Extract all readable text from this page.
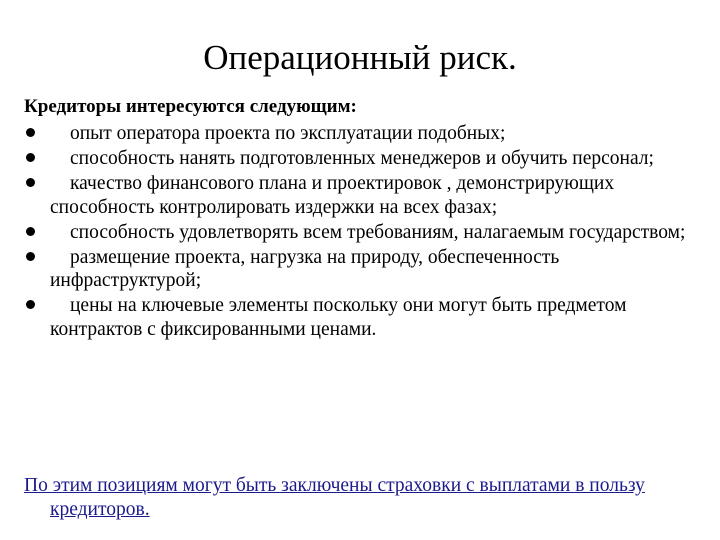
Операционный риск.

Кредиторы интересуются следующим:

опыт оператора проекта по эксплуатации подобных;
способность нанять подготовленных менеджеров и обучить персонал;
качество финансового плана и проектировок , демонстрирующих способность контролировать издержки на всех фазах;
способность удовлетворять всем требованиям, налагаемым государством;
размещение проекта, нагрузка на природу, обеспеченность инфраструктурой;
цены на ключевые элементы поскольку они могут быть предметом контрактов с фиксированными ценами.

По этим позициям могут быть заключены страховки с выплатами в пользу кредиторов.
